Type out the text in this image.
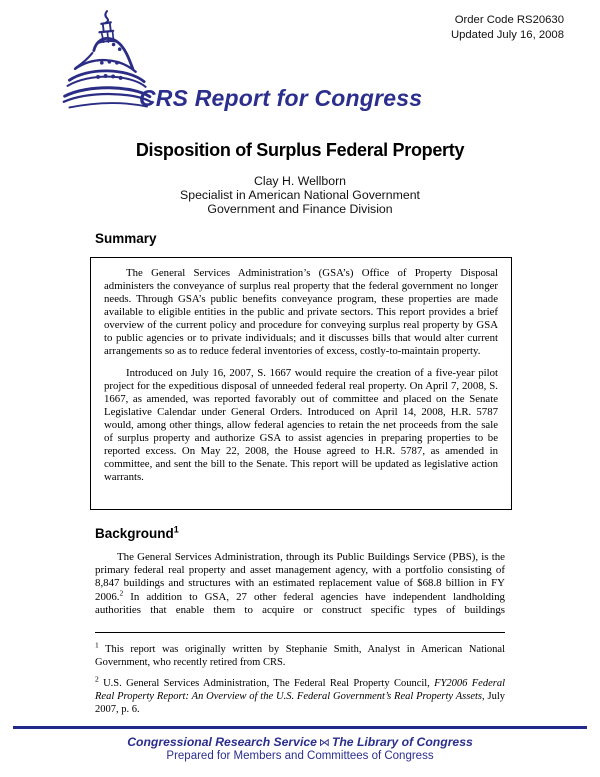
Order Code RS20630
Updated July 16, 2008
CRS Report for Congress
Disposition of Surplus Federal Property
Clay H. Wellborn
Specialist in American National Government
Government and Finance Division
Summary

The General Services Administration’s (GSA’s) Office of Property Disposal administers the conveyance of surplus real property that the federal government no longer needs. Through GSA’s public benefits conveyance program, these properties are made available to eligible entities in the public and private sectors. This report provides a brief overview of the current policy and procedure for conveying surplus real property by GSA to public agencies or to private individuals; and it discusses bills that would alter current arrangements so as to reduce federal inventories of excess, costly-to-maintain property.

Introduced on July 16, 2007, S. 1667 would require the creation of a five-year pilot project for the expeditious disposal of unneeded federal real property. On April 7, 2008, S. 1667, as amended, was reported favorably out of committee and placed on the Senate Legislative Calendar under General Orders. Introduced on April 14, 2008, H.R. 5787 would, among other things, allow federal agencies to retain the net proceeds from the sale of surplus property and authorize GSA to assist agencies in preparing properties to be reported excess. On May 22, 2008, the House agreed to H.R. 5787, as amended in committee, and sent the bill to the Senate. This report will be updated as legislative action warrants.

Background$^1$

The General Services Administration, through its Public Buildings Service (PBS), is the primary federal real property and asset management agency, with a portfolio consisting of 8,847 buildings and structures with an estimated replacement value of $68.8 billion in FY 2006.$^2$ In addition to GSA, 27 other federal agencies have independent landholding authorities that enable them to acquire or construct specific types of buildings

$^1$ This report was originally written by Stephanie Smith, Analyst in American National Government, who recently retired from CRS.
$^2$ U.S. General Services Administration, The Federal Real Property Council, FY2006 Federal Real Property Report: An Overview of the U.S. Federal Government’s Real Property Assets, July 2007, p. 6.
Congressional Research Service ⋈ The Library of Congress
Prepared for Members and Committees of Congress
